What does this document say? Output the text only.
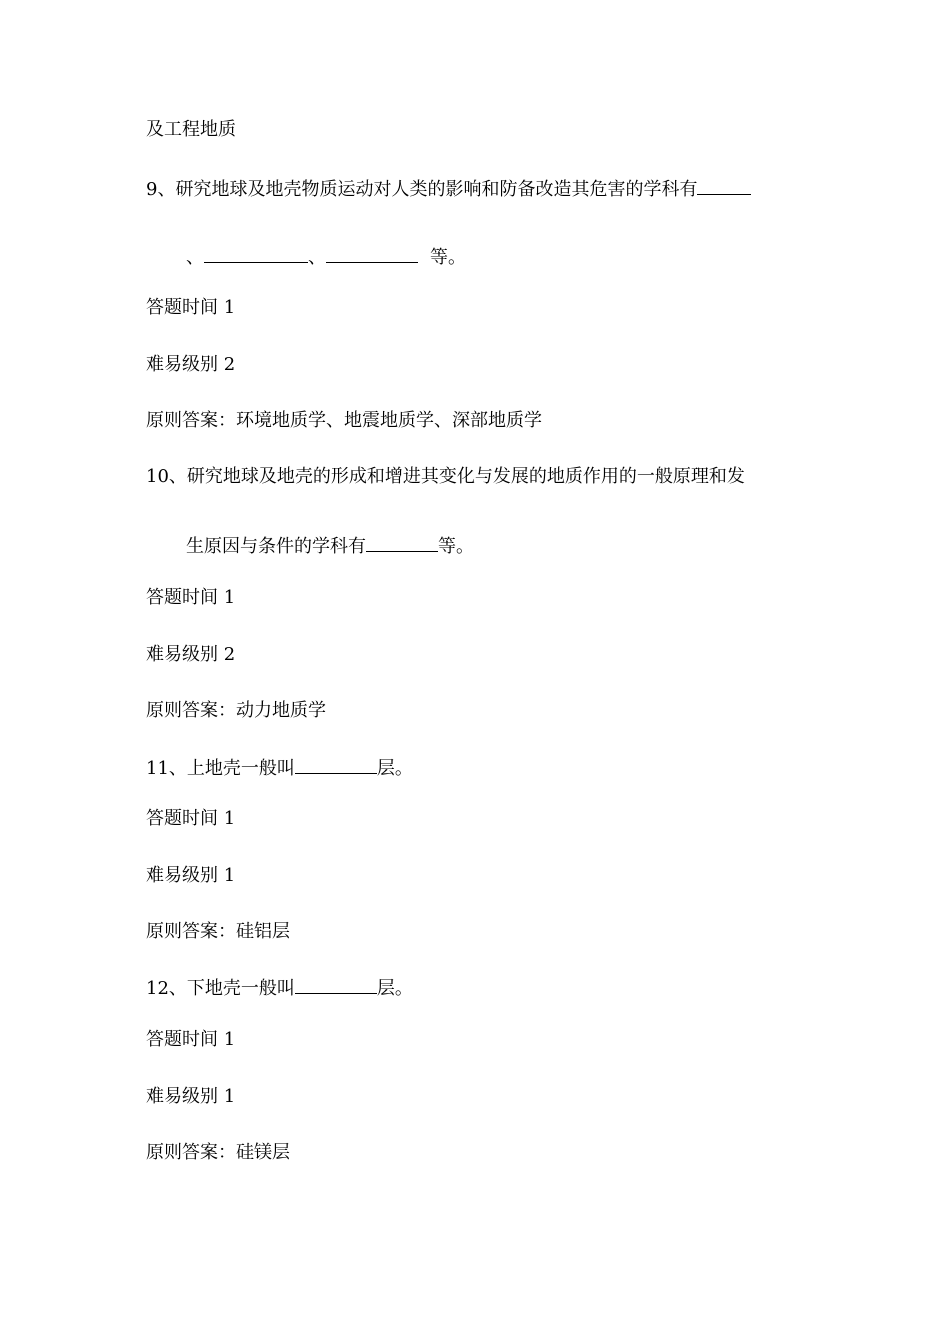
及工程地质
9、研究地球及地壳物质运动对人类的影响和防备改造其危害的学科有
、	、	等。
答题时间 1
难易级别 2
原则答案：环境地质学、地震地质学、深部地质学
10、研究地球及地壳的形成和增进其变化与发展的地质作用的一般原理和发
生原因与条件的学科有	等。
答题时间 1
难易级别 2
原则答案：动力地质学
11、上地壳一般叫	层。
答题时间 1
难易级别 1
原则答案：硅铝层
12、下地壳一般叫	层。
答题时间 1
难易级别 1
原则答案：硅镁层
